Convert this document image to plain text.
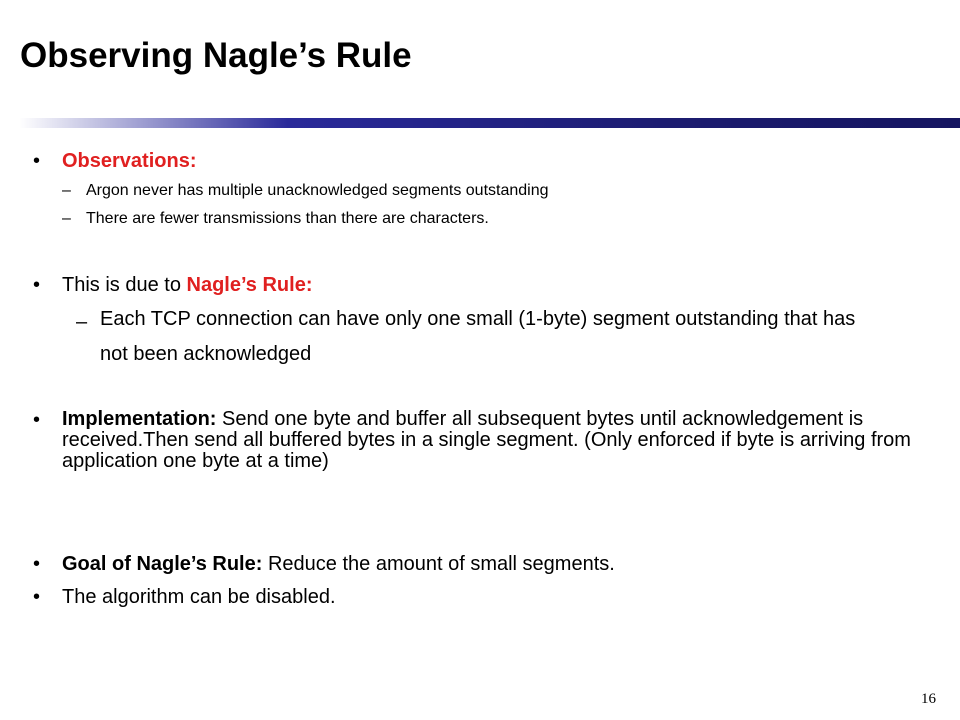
Observing Nagle’s Rule
• Observations:
– Argon never has multiple unacknowledged segments outstanding
– There are fewer transmissions than there are characters.
• This is due to Nagle’s Rule:
– Each TCP connection can have only one small (1-byte) segment outstanding that has not been acknowledged
• Implementation: Send one byte and buffer all subsequent bytes until acknowledgement is received.Then send all buffered bytes in a single segment. (Only enforced if byte is arriving from application one byte at a time)
• Goal of Nagle’s Rule: Reduce the amount of small segments.
• The algorithm can be disabled.
16
